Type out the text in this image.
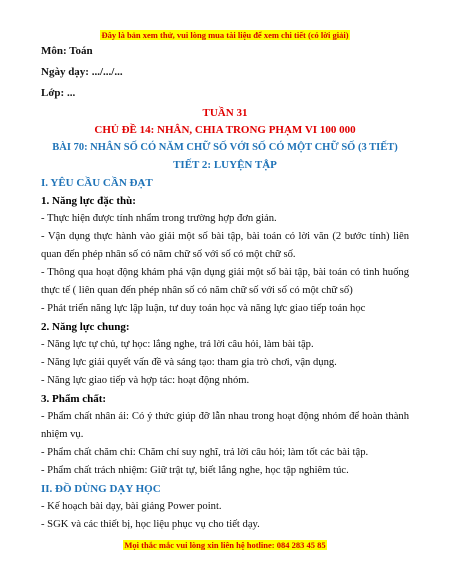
Đây là bản xem thử, vui lòng mua tài liệu để xem chi tiết (có lời giải)
Môn: Toán
Ngày dạy: .../.../...
Lớp: ...
TUẦN 31
CHỦ ĐỀ 14: NHÂN, CHIA TRONG PHẠM VI 100 000
BÀI 70: NHÂN SỐ CÓ NĂM CHỮ SỐ VỚI SỐ CÓ MỘT CHỮ SỐ (3 TIẾT)
TIẾT 2: LUYỆN TẬP
I. YÊU CẦU CẦN ĐẠT
1. Năng lực đặc thù:
- Thực hiện được tính nhẩm trong trường hợp đơn giản.
- Vận dụng thực hành vào giải một số bài tập, bài toán có lời văn (2 bước tính) liên
quan đến phép nhân số có năm chữ số với số có một chữ số.
- Thông qua hoạt động khám phá vận dụng giải một số bài tập, bài toán có tình huống
thực tế ( liên quan đến phép nhân số có năm chữ số với số có một chữ số)
- Phát triển năng lực lập luận, tư duy toán học và năng lực giao tiếp toán học
2. Năng lực chung:
- Năng lực tự chủ, tự học: lắng nghe, trả lời câu hỏi, làm bài tập.
- Năng lực giải quyết vấn đề và sáng tạo: tham gia trò chơi, vận dụng.
- Năng lực giao tiếp và hợp tác: hoạt động nhóm.
3. Phẩm chất:
- Phẩm chất nhân ái: Có ý thức giúp đỡ lẫn nhau trong hoạt động nhóm để hoàn thành
nhiệm vụ.
- Phẩm chất chăm chỉ: Chăm chỉ suy nghĩ, trả lời câu hỏi; làm tốt các bài tập.
- Phẩm chất trách nhiệm: Giữ trật tự, biết lắng nghe, học tập nghiêm túc.
II. ĐỒ DÙNG DẠY HỌC
- Kế hoạch bài dạy, bài giảng Power point.
- SGK và các thiết bị, học liệu phục vụ cho tiết dạy.
Mọi thắc mắc vui lòng xin liên hệ hotline: 084 283 45 85
